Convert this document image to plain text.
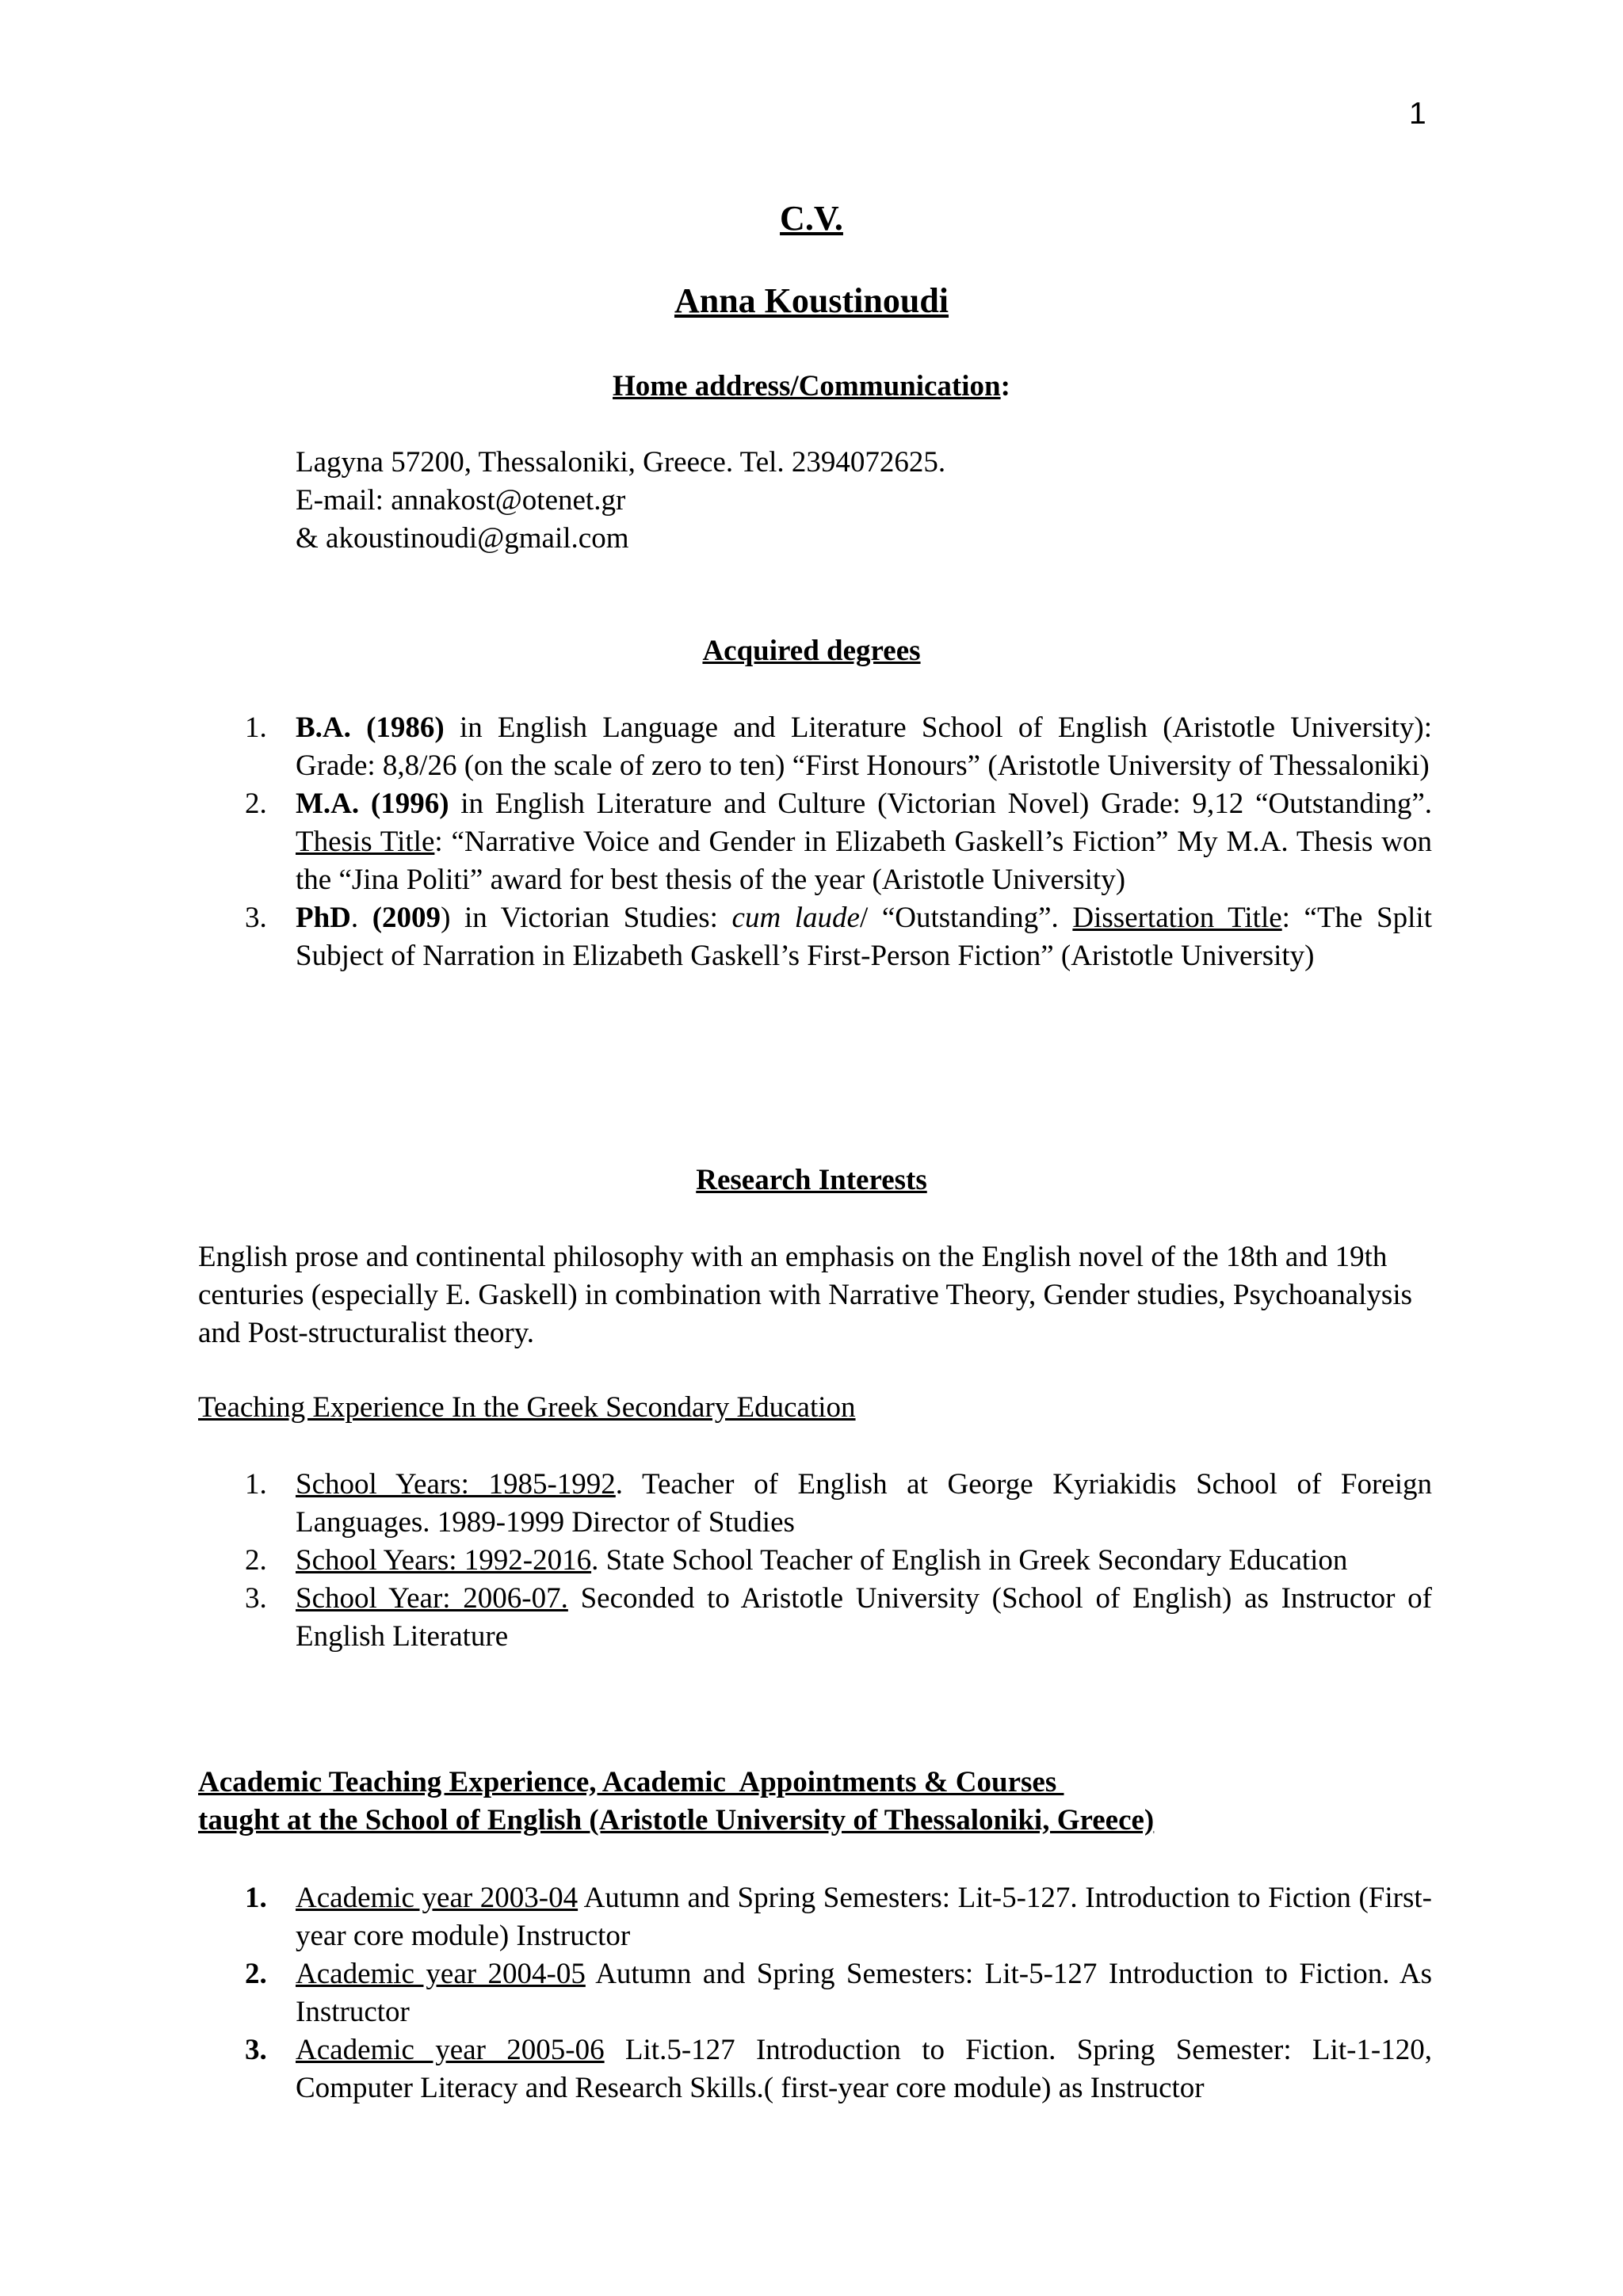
1
C.V.
Anna Koustinoudi
Home address/Communication:
Lagyna 57200, Thessaloniki, Greece. Tel. 2394072625.
E-mail: annakost@otenet.gr
& akoustinoudi@gmail.com
Acquired degrees
1. B.A. (1986) in English Language and Literature School of English (Aristotle University): Grade: 8,8/26 (on the scale of zero to ten) “First Honours” (Aristotle University of Thessaloniki)
2. M.A. (1996) in English Literature and Culture (Victorian Novel) Grade: 9,12 “Outstanding”. Thesis Title: “Narrative Voice and Gender in Elizabeth Gaskell’s Fiction” My M.A. Thesis won the “Jina Politi” award for best thesis of the year (Aristotle University)
3. PhD. (2009) in Victorian Studies: cum laude/ “Outstanding”. Dissertation Title: “The Split Subject of Narration in Elizabeth Gaskell’s First-Person Fiction” (Aristotle University)
Research Interests
English prose and continental philosophy with an emphasis on the English novel of the 18th and 19th centuries (especially E. Gaskell) in combination with Narrative Theory, Gender studies, Psychoanalysis and Post-structuralist theory.
Teaching Experience In the Greek Secondary Education
1. School Years: 1985-1992. Teacher of English at George Kyriakidis School of Foreign Languages. 1989-1999 Director of Studies
2. School Years: 1992-2016. State School Teacher of English in Greek Secondary Education
3. School Year: 2006-07. Seconded to Aristotle University (School of English) as Instructor of English Literature
Academic Teaching Experience, Academic  Appointments & Courses
taught at the School of English (Aristotle University of Thessaloniki, Greece)
1. Academic year 2003-04 Autumn and Spring Semesters: Lit-5-127. Introduction to Fiction (First-year core module) Instructor
2. Academic year 2004-05 Autumn and Spring Semesters: Lit-5-127 Introduction to Fiction. As Instructor
3. Academic year 2005-06 Lit.5-127 Introduction to Fiction. Spring Semester: Lit-1-120, Computer Literacy and Research Skills.( first-year core module) as Instructor
